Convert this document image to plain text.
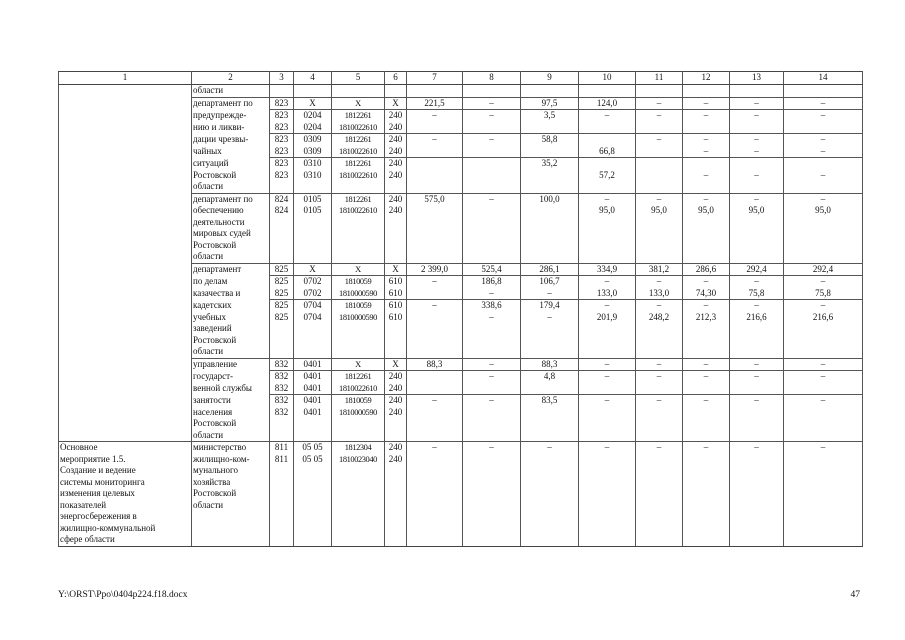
1	2	3	4	5	6	7	8	9	10	11	12	13	14
	области												
	департамент по	823	Х	Х	Х	221,5	–	97,5	124,0	–	–	–	–
	предупрежде-	823	0204	1812261	240	–	–	3,5	–	–	–	–	–
	нию и ликви-	823	0204	1810022610	240								
	дации чрезвы-	823	0309	1812261	240	–	–	58,8		–	–	–	–
	чайных	823	0309	1810022610	240				66,8		–	–	–
	ситуаций	823	0310	1812261	240			35,2					
	Ростовской	823	0310	1810022610	240				57,2		–	–	–
	области												
	департамент по	824	0105	1812261	240	575,0	–	100,0	–	–	–	–	–
	обеспечению	824	0105	1810022610	240				95,0	95,0	95,0	95,0	95,0
	деятельности												
	мировых судей												
	Ростовской												
	области												
	департамент	825	Х	Х	Х	2 399,0	525,4	286,1	334,9	381,2	286,6	292,4	292,4
	по делам	825	0702	1810059	610	–	186,8	106,7	–	–	–	–	–
	казачества и	825	0702	1810000590	610		–	–	133,0	133,0	74,30	75,8	75,8
	кадетских	825	0704	1810059	610	–	338,6	179,4	–	–	–	–	–
	учебных	825	0704	1810000590	610		–	–	201,9	248,2	212,3	216,6	216,6
	заведений												
	Ростовской												
	области												
	управление	832	0401	Х	Х	88,3	–	88,3	–	–	–	–	–
	государст-	832	0401	1812261	240		–	4,8	–	–	–	–	–
	венной службы	832	0401	1810022610	240								
	занятости	832	0401	1810059	240	–	–	83,5	–	–	–	–	–
	населения	832	0401	1810000590	240								
	Ростовской												
	области												
Основное	министерство	811	05 05	1812304	240	–	–	–	–	–	–	–	–
мероприятие 1.5.	жилищно-ком-	811	05 05	1810023040	240								
Создание и ведение	мунального												
системы мониторинга	хозяйства												
изменения целевых	Ростовской												
показателей	области												
энергосбережения в													
жилищно-коммунальной													
сфере области													
Y:\ORST\Ppo\0404p224.f18.docx	47
